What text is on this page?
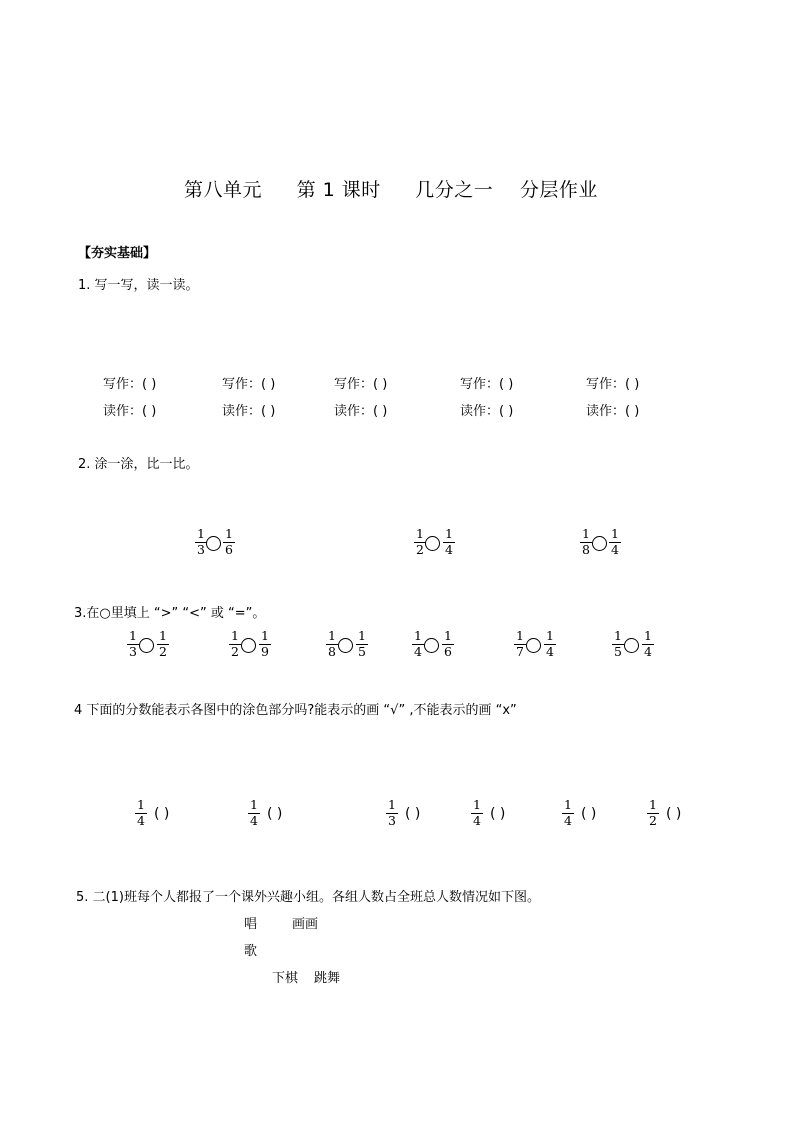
第八单元 第 1 课时 几分之一 分层作业
【夯实基础】
1. 写一写，读一读。
写作：( )	写作：( )	写作：( )	写作：( )	写作：( )
读作：( )	读作：( )	读作：( )	读作：( )	读作：( )
2. 涂一涂，比一比。
1
3
1
6
1
2
1
4
1
8
1
4
3.在○里填上 “>” “<” 或 “=”。
1
3
1
2
1
2
1
9
1
8
1
5
1
4
1
6
1
7
1
4
1
5
1
4
4 下面的分数能表示各图中的涂色部分吗?能表示的画 “√” ,不能表示的画 “x”
1
4 ( )
1
4 ( )
1
3 ( )
1
4 ( )
1
4 ( )
1
2 ( )
5. 二(1)班每个人都报了一个课外兴趣小组。各组人数占全班总人数情况如下图。
唱	画画
歌
下棋 跳舞
